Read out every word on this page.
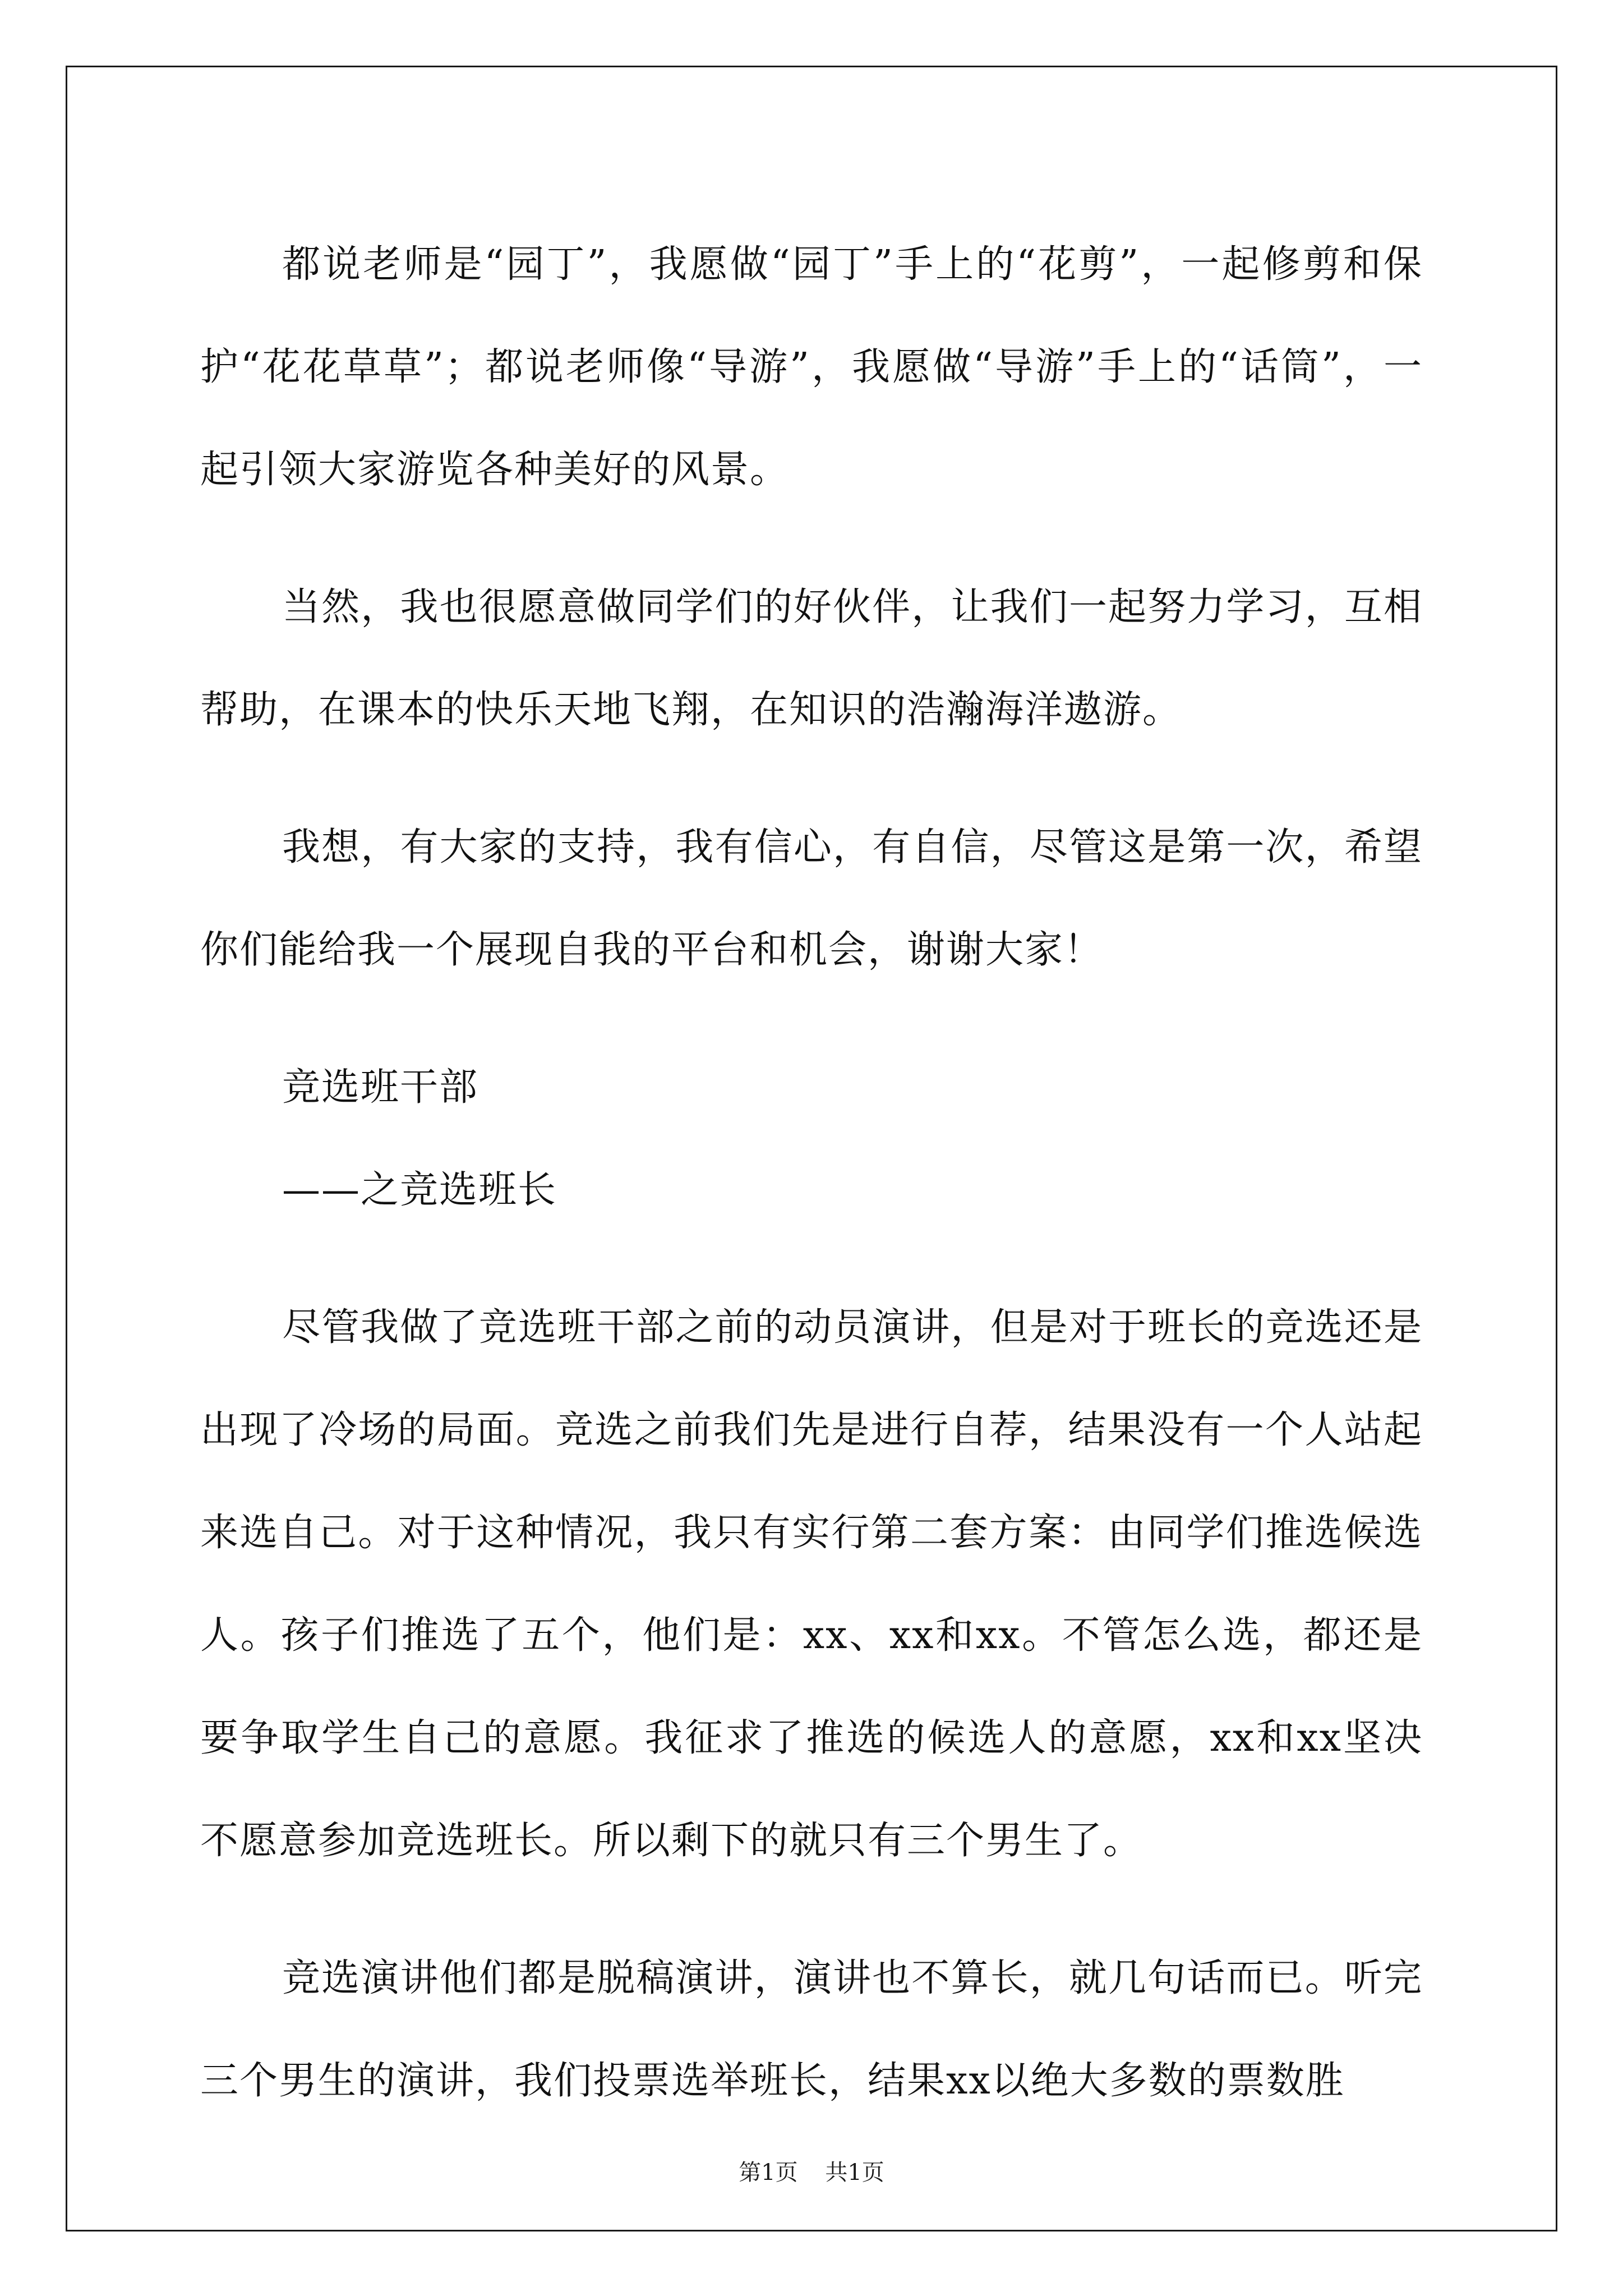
都说老师是“园丁”，我愿做“园丁”手上的“花剪”，一起修剪和保护“花花草草”；都说老师像“导游”，我愿做“导游”手上的“话筒”，一起引领大家游览各种美好的风景。

当然，我也很愿意做同学们的好伙伴，让我们一起努力学习，互相帮助，在课本的快乐天地飞翔，在知识的浩瀚海洋遨游。

我想，有大家的支持，我有信心，有自信，尽管这是第一次，希望你们能给我一个展现自我的平台和机会，谢谢大家！

竞选班干部

——之竞选班长

尽管我做了竞选班干部之前的动员演讲，但是对于班长的竞选还是出现了冷场的局面。竞选之前我们先是进行自荐，结果没有一个人站起来选自己。对于这种情况，我只有实行第二套方案：由同学们推选候选人。孩子们推选了五个，他们是：xx、xx和xx。不管怎么选，都还是要争取学生自己的意愿。我征求了推选的候选人的意愿，xx和xx坚决不愿意参加竞选班长。所以剩下的就只有三个男生了。

竞选演讲他们都是脱稿演讲，演讲也不算长，就几句话而已。听完三个男生的演讲，我们投票选举班长，结果xx以绝大多数的票数胜

第1页 共1页
